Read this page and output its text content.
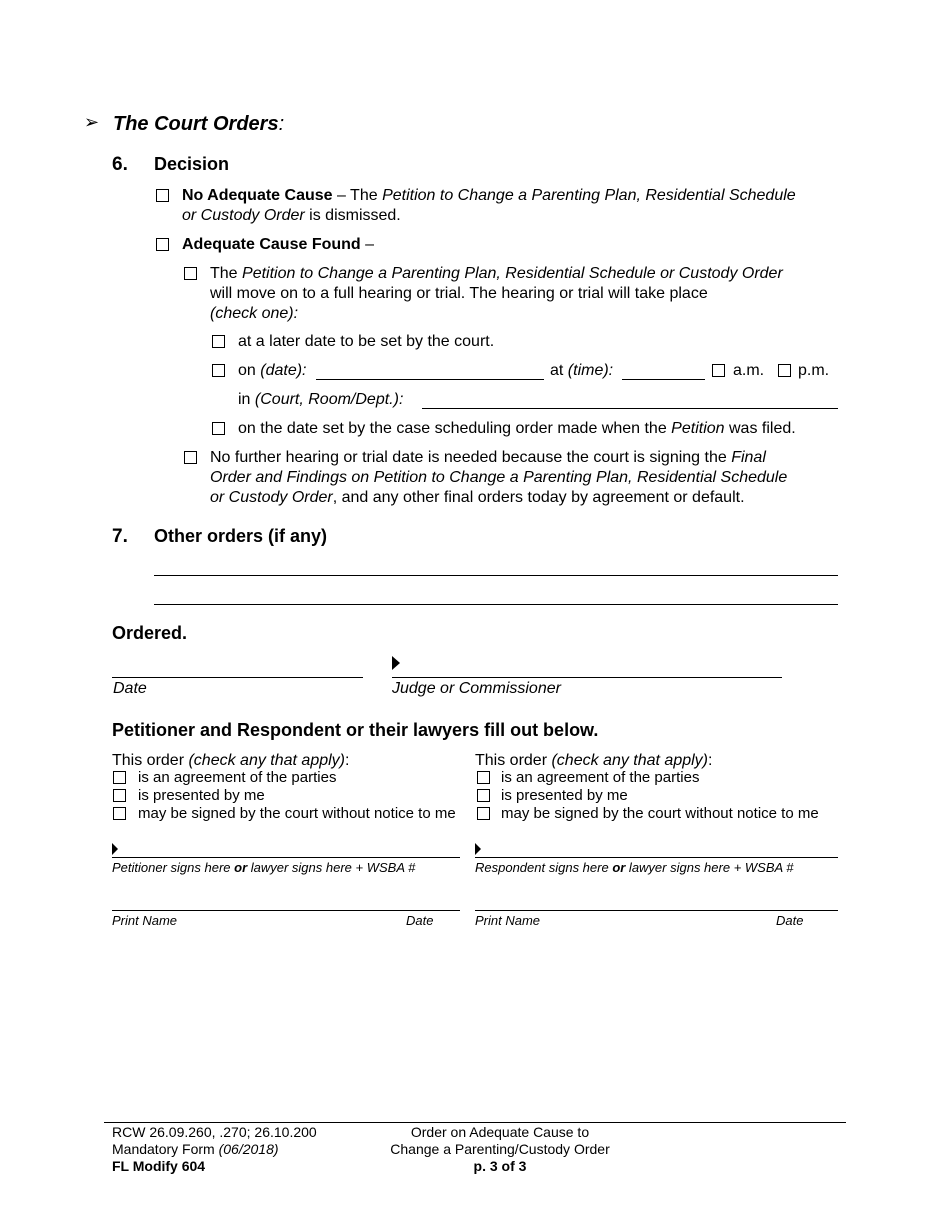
➢ The Court Orders:
6. Decision
No Adequate Cause – The Petition to Change a Parenting Plan, Residential Schedule
or Custody Order is dismissed.
Adequate Cause Found –
The Petition to Change a Parenting Plan, Residential Schedule or Custody Order
will move on to a full hearing or trial. The hearing or trial will take place
(check one):
at a later date to be set by the court.
on (date):	at (time):	a.m. p.m.
in (Court, Room/Dept.):
on the date set by the case scheduling order made when the Petition was filed.
No further hearing or trial date is needed because the court is signing the Final
Order and Findings on Petition to Change a Parenting Plan, Residential Schedule
or Custody Order, and any other final orders today by agreement or default.
7. Other orders (if any)
Ordered.
Date	Judge or Commissioner
Petitioner and Respondent or their lawyers fill out below.
This order (check any that apply):
is an agreement of the parties
is presented by me
may be signed by the court without notice to me
Petitioner signs here or lawyer signs here + WSBA #
Print Name	Date
This order (check any that apply):
is an agreement of the parties
is presented by me
may be signed by the court without notice to me
Respondent signs here or lawyer signs here + WSBA #
Print Name	Date
RCW 26.09.260, .270; 26.10.200
Mandatory Form (06/2018)
FL Modify 604
Order on Adequate Cause to
Change a Parenting/Custody Order
p. 3 of 3
